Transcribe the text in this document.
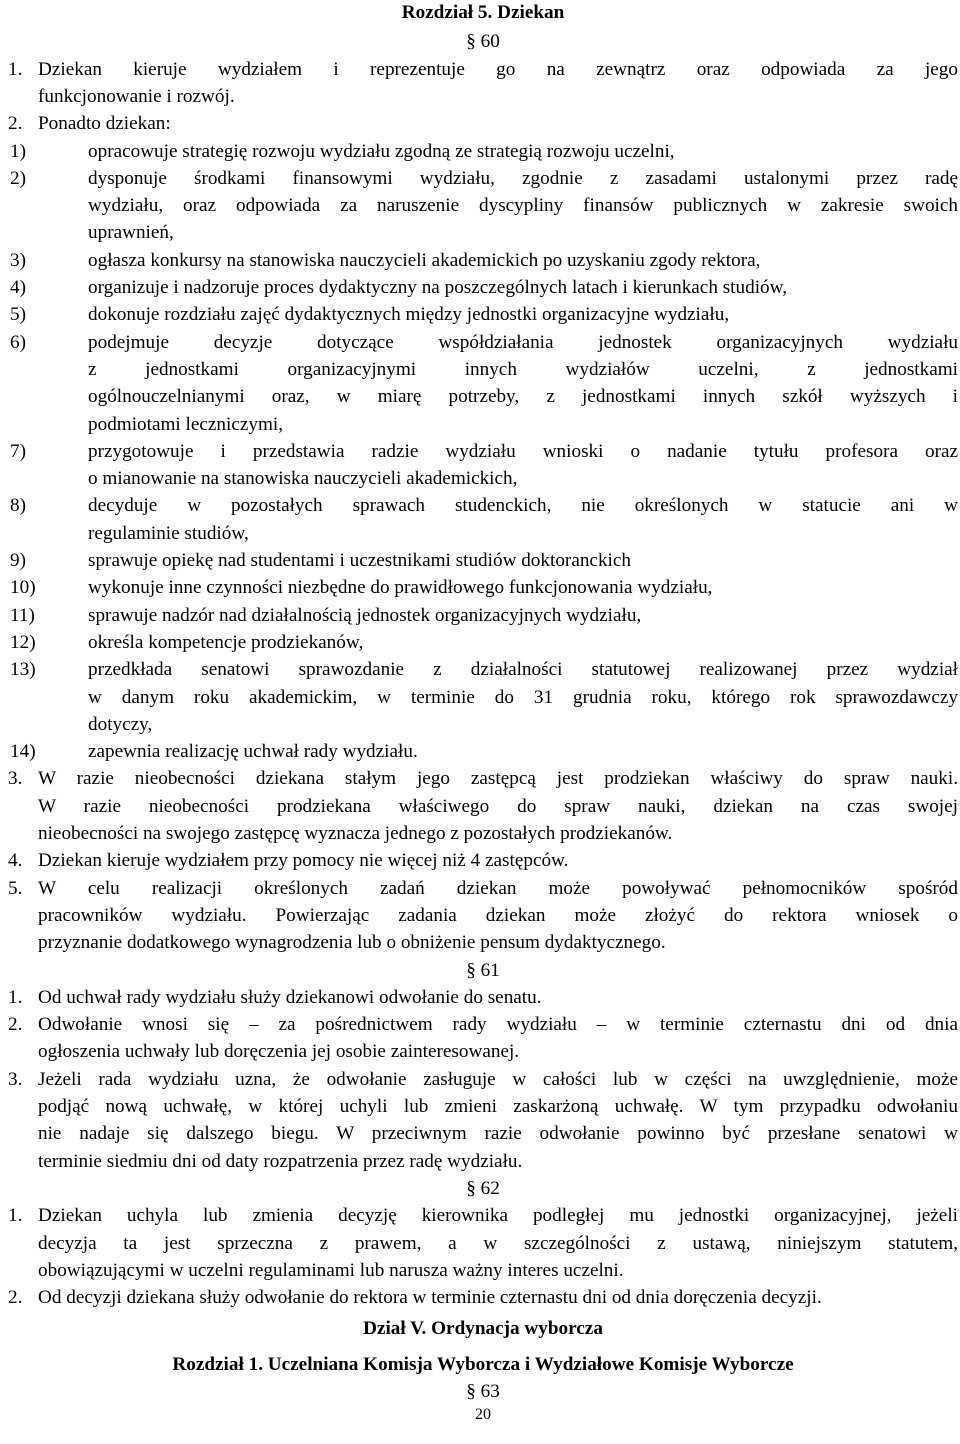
Rozdział 5. Dziekan
§ 60
1. Dziekan kieruje wydziałem i reprezentuje go na zewnątrz oraz odpowiada za jego
funkcjonowanie i rozwój.
2. Ponadto dziekan:
1)	opracowuje strategię rozwoju wydziału zgodną ze strategią rozwoju uczelni,
2)	dysponuje środkami finansowymi wydziału, zgodnie z zasadami ustalonymi przez radę
wydziału, oraz odpowiada za naruszenie dyscypliny finansów publicznych w zakresie swoich
uprawnień,
3)	ogłasza konkursy na stanowiska nauczycieli akademickich po uzyskaniu zgody rektora,
4)	organizuje i nadzoruje proces dydaktyczny na poszczególnych latach i kierunkach studiów,
5)	dokonuje rozdziału zajęć dydaktycznych między jednostki organizacyjne wydziału,
6)	podejmuje decyzje dotyczące współdziałania jednostek organizacyjnych wydziału
z jednostkami organizacyjnymi innych wydziałów uczelni, z jednostkami
ogólnouczelnianymi oraz, w miarę potrzeby, z jednostkami innych szkół wyższych i
podmiotami leczniczymi,
7)	przygotowuje i przedstawia radzie wydziału wnioski o nadanie tytułu profesora oraz
o mianowanie na stanowiska nauczycieli akademickich,
8)	decyduje w pozostałych sprawach studenckich, nie określonych w statucie ani w
regulaminie studiów,
9)	sprawuje opiekę nad studentami i uczestnikami studiów doktoranckich
10)	wykonuje inne czynności niezbędne do prawidłowego funkcjonowania wydziału,
11)	sprawuje nadzór nad działalnością jednostek organizacyjnych wydziału,
12)	określa kompetencje prodziekanów,
13)	przedkłada senatowi sprawozdanie z działalności statutowej realizowanej przez wydział
w danym roku akademickim, w terminie do 31 grudnia roku, którego rok sprawozdawczy
dotyczy,
14)	zapewnia realizację uchwał rady wydziału.
3. W razie nieobecności dziekana stałym jego zastępcą jest prodziekan właściwy do spraw nauki.
W razie nieobecności prodziekana właściwego do spraw nauki, dziekan na czas swojej
nieobecności na swojego zastępcę wyznacza jednego z pozostałych prodziekanów.
4. Dziekan kieruje wydziałem przy pomocy nie więcej niż 4 zastępców.
5. W celu realizacji określonych zadań dziekan może powoływać pełnomocników spośród
pracowników wydziału. Powierzając zadania dziekan może złożyć do rektora wniosek o
przyznanie dodatkowego wynagrodzenia lub o obniżenie pensum dydaktycznego.
§ 61
1. Od uchwał rady wydziału służy dziekanowi odwołanie do senatu.
2. Odwołanie wnosi się – za pośrednictwem rady wydziału – w terminie czternastu dni od dnia
ogłoszenia uchwały lub doręczenia jej osobie zainteresowanej.
3. Jeżeli rada wydziału uzna, że odwołanie zasługuje w całości lub w części na uwzględnienie, może
podjąć nową uchwałę, w której uchyli lub zmieni zaskarżoną uchwałę. W tym przypadku odwołaniu
nie nadaje się dalszego biegu. W przeciwnym razie odwołanie powinno być przesłane senatowi w
terminie siedmiu dni od daty rozpatrzenia przez radę wydziału.
§ 62
1. Dziekan uchyla lub zmienia decyzję kierownika podległej mu jednostki organizacyjnej, jeżeli
decyzja ta jest sprzeczna z prawem, a w szczególności z ustawą, niniejszym statutem,
obowiązującymi w uczelni regulaminami lub narusza ważny interes uczelni.
2. Od decyzji dziekana służy odwołanie do rektora w terminie czternastu dni od dnia doręczenia decyzji.
Dział V. Ordynacja wyborcza
Rozdział 1. Uczelniana Komisja Wyborcza i Wydziałowe Komisje Wyborcze
§ 63
20
